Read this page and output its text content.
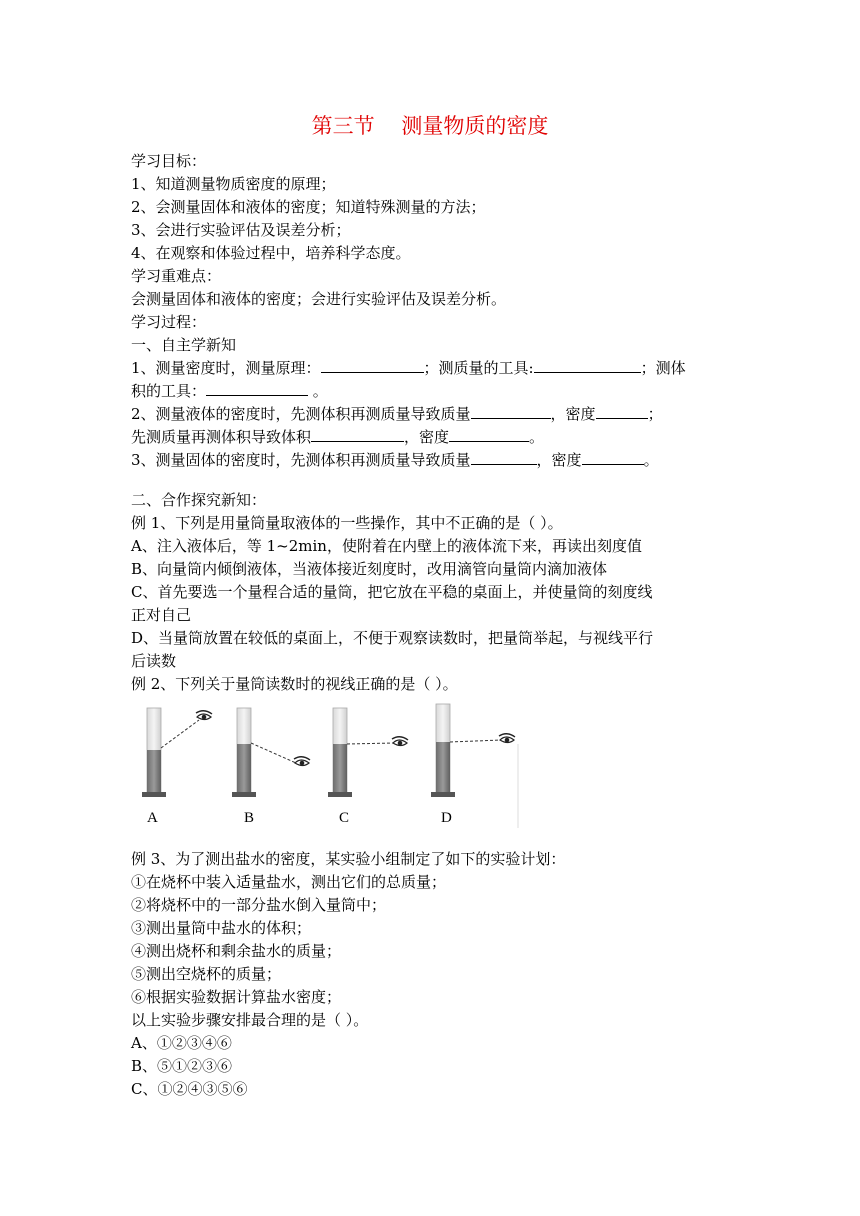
第三节    测量物质的密度
学习目标：
1、知道测量物质密度的原理；
2、会测量固体和液体的密度；知道特殊测量的方法；
3、会进行实验评估及误差分析；
4、在观察和体验过程中，培养科学态度。
学习重难点：
会测量固体和液体的密度；会进行实验评估及误差分析。
学习过程：
一、自主学新知
1、测量密度时，测量原理：	；测质量的工具:	；测体
积的工具：	。
2、测量液体的密度时，先测体积再测质量导致质量	，密度	；
先测质量再测体积导致体积	，密度	。
3、测量固体的密度时，先测体积再测质量导致质量	，密度	。
二、合作探究新知：
例 1、下列是用量筒量取液体的一些操作，其中不正确的是（ ）。
A、注入液体后，等 1~2min，使附着在内壁上的液体流下来，再读出刻度值
B、向量筒内倾倒液体，当液体接近刻度时，改用滴管向量筒内滴加液体
C、首先要选一个量程合适的量筒，把它放在平稳的桌面上，并使量筒的刻度线
正对自己
D、当量筒放置在较低的桌面上，不便于观察读数时，把量筒举起，与视线平行
后读数
例 2、下列关于量筒读数时的视线正确的是（ ）。
A	B	C	D
例 3、为了测出盐水的密度，某实验小组制定了如下的实验计划：
①在烧杯中装入适量盐水，测出它们的总质量；
②将烧杯中的一部分盐水倒入量筒中；
③测出量筒中盐水的体积；
④测出烧杯和剩余盐水的质量；
⑤测出空烧杯的质量；
⑥根据实验数据计算盐水密度；
以上实验步骤安排最合理的是（ ）。
A、①②③④⑥
B、⑤①②③⑥
C、①②④③⑤⑥
